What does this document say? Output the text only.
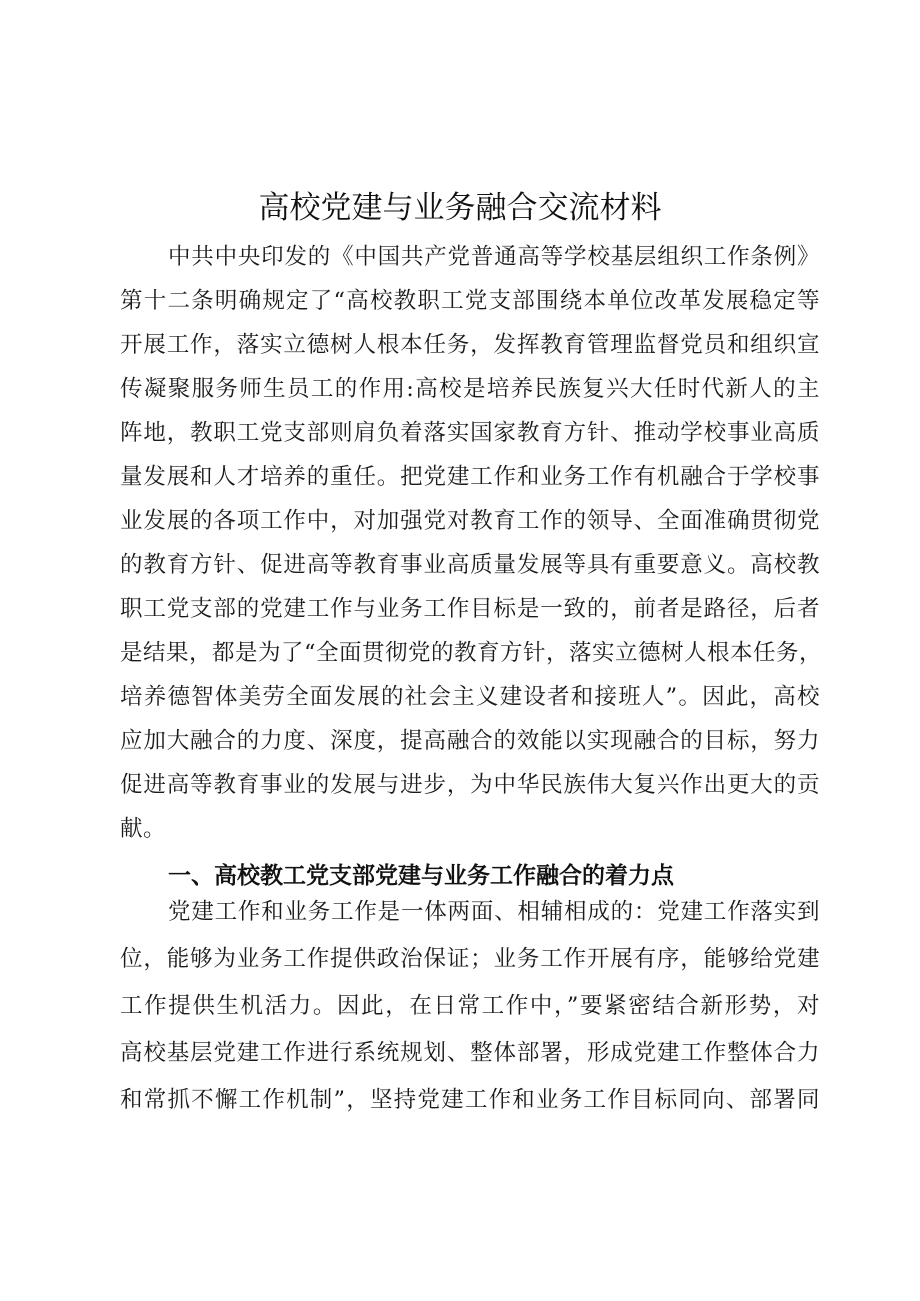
高校党建与业务融合交流材料
中共中央印发的《中国共产党普通高等学校基层组织工作条例》
第十二条明确规定了“高校教职工党支部围绕本单位改革发展稳定等
开展工作，落实立德树人根本任务，发挥教育管理监督党员和组织宣
传凝聚服务师生员工的作用:高校是培养民族复兴大任时代新人的主
阵地，教职工党支部则肩负着落实国家教育方针、推动学校事业高质
量发展和人才培养的重任。把党建工作和业务工作有机融合于学校事
业发展的各项工作中，对加强党对教育工作的领导、全面准确贯彻党
的教育方针、促进高等教育事业高质量发展等具有重要意义。高校教
职工党支部的党建工作与业务工作目标是一致的，前者是路径，后者
是结果，都是为了“全面贯彻党的教育方针，落实立德树人根本任务，
培养德智体美劳全面发展的社会主义建设者和接班人”。因此，高校
应加大融合的力度、深度，提高融合的效能以实现融合的目标，努力
促进高等教育事业的发展与进步，为中华民族伟大复兴作出更大的贡
献。
一、高校教工党支部党建与业务工作融合的着力点
党建工作和业务工作是一体两面、相辅相成的：党建工作落实到
位，能够为业务工作提供政治保证；业务工作开展有序，能够给党建
工作提供生机活力。因此，在日常工作中，”要紧密结合新形势，对
高校基层党建工作进行系统规划、整体部署，形成党建工作整体合力
和常抓不懈工作机制”，坚持党建工作和业务工作目标同向、部署同
